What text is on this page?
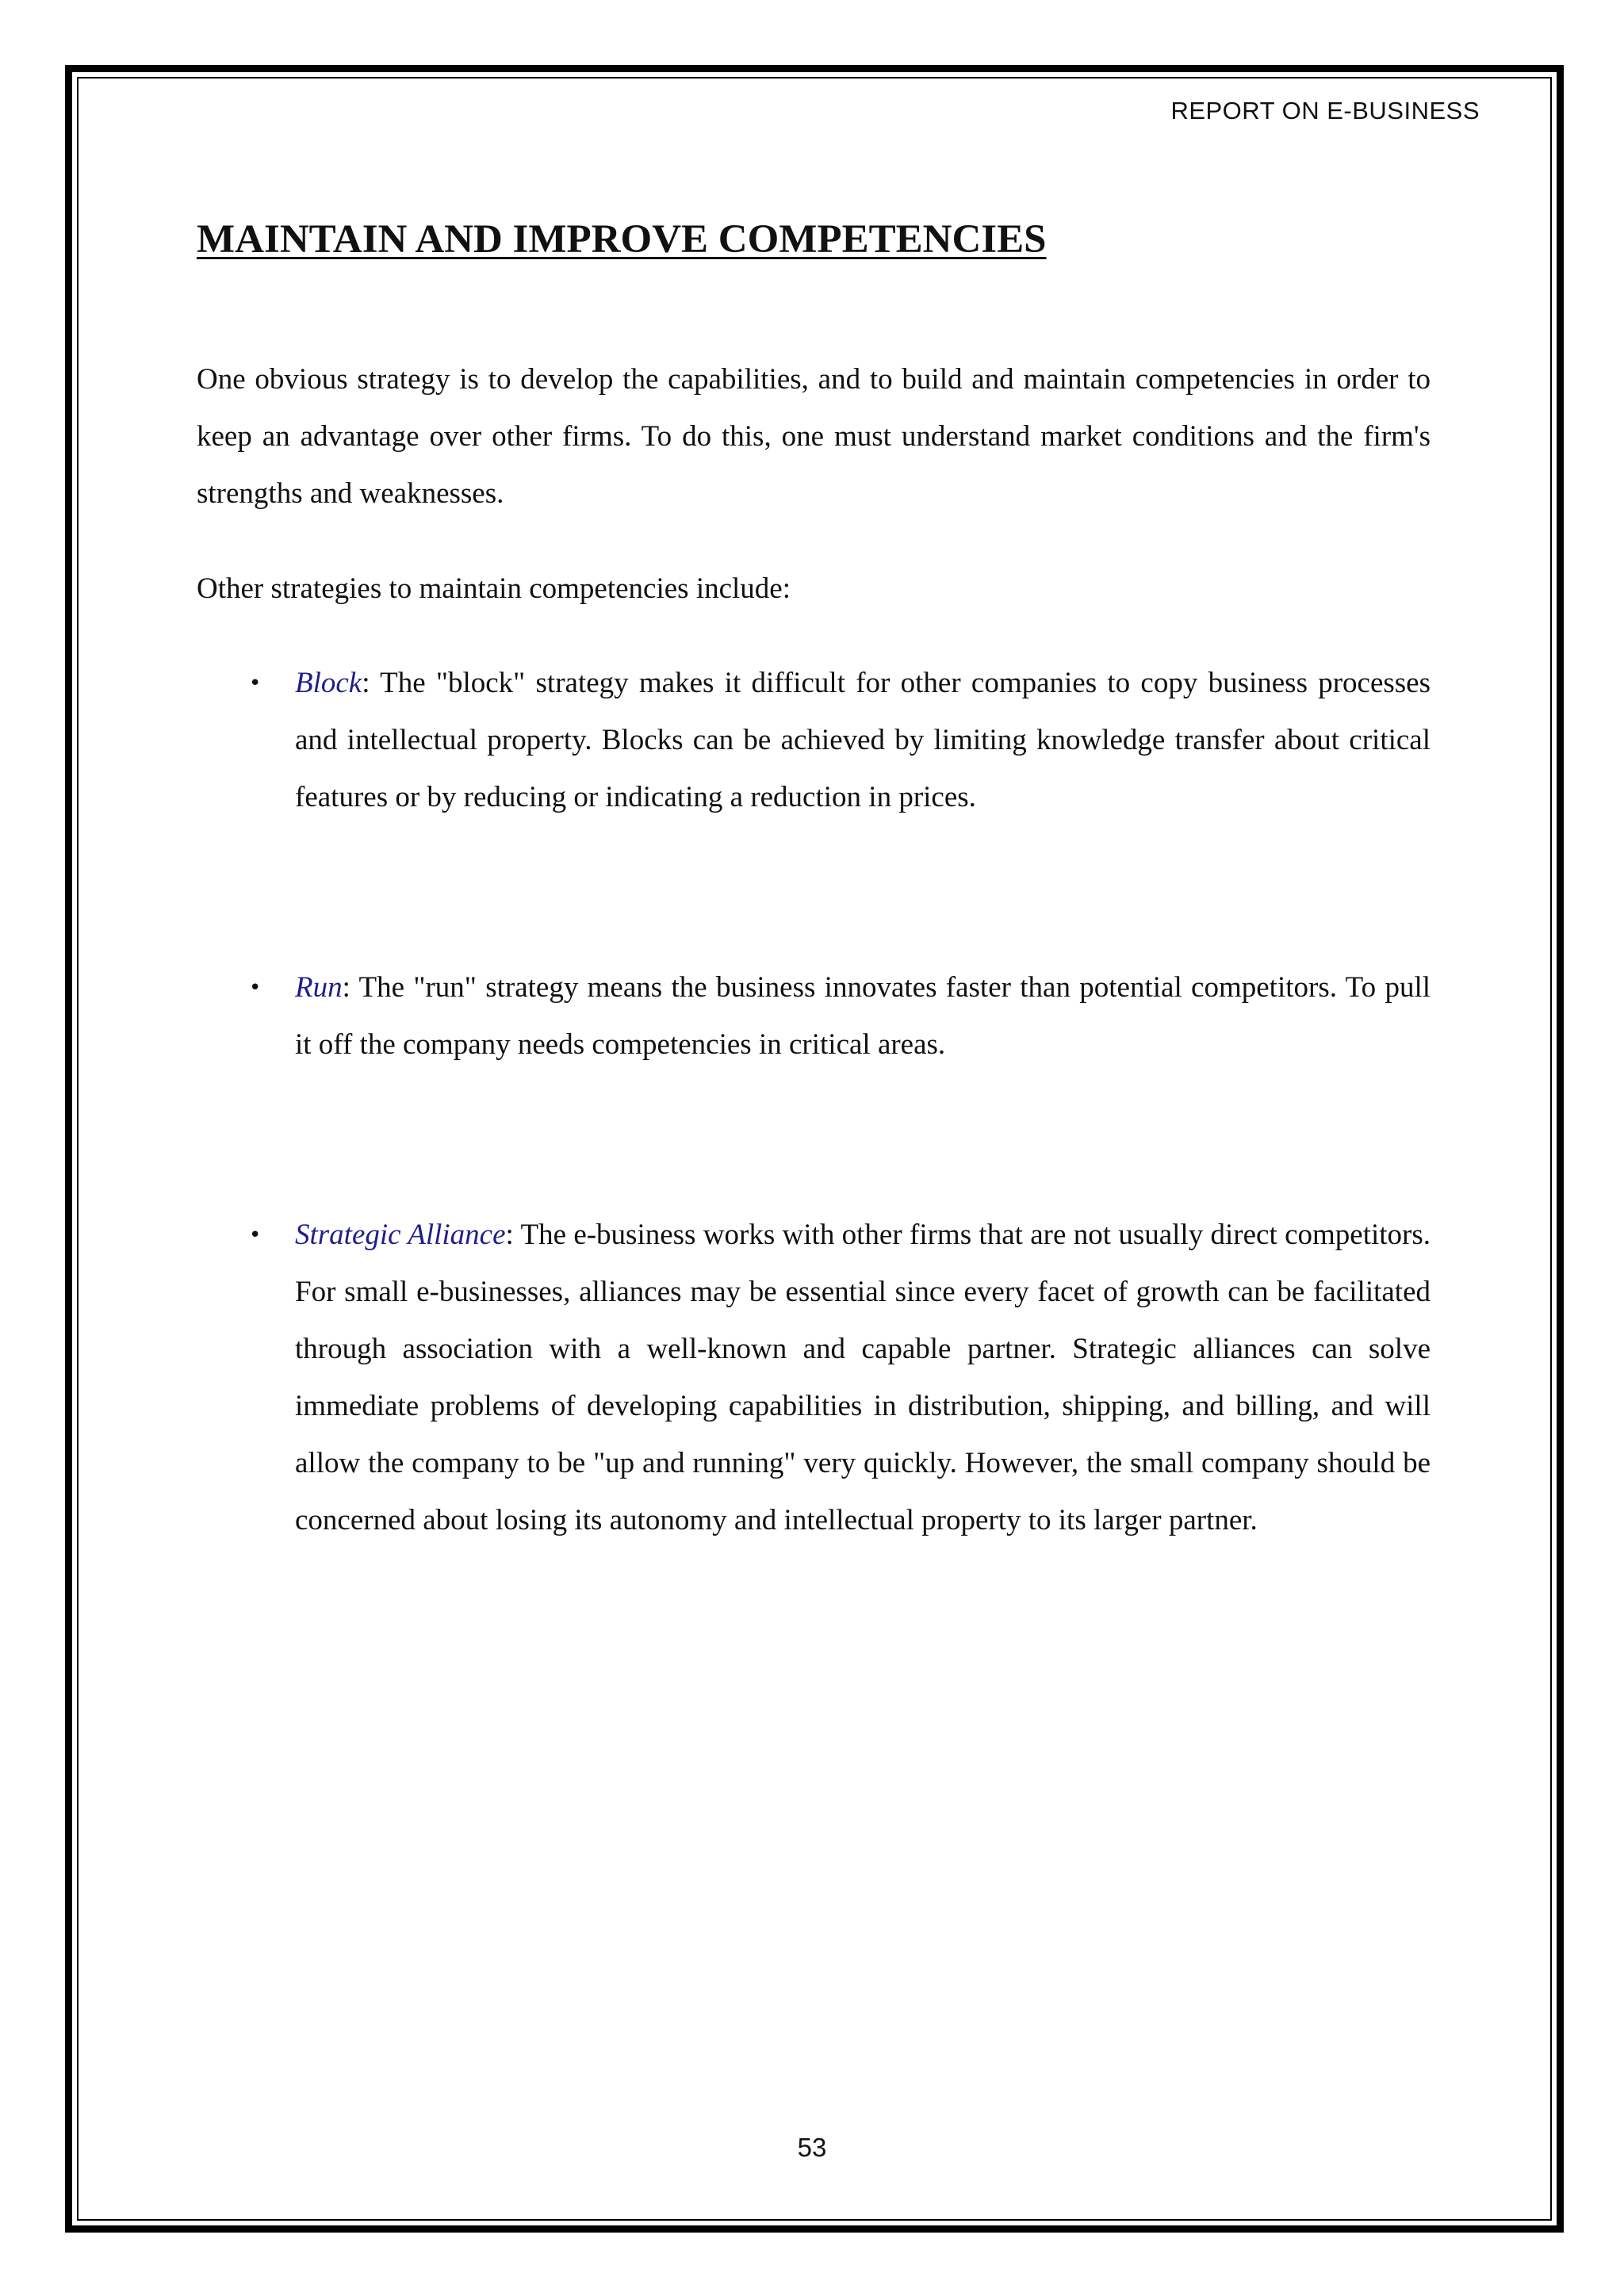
REPORT ON E-BUSINESS
MAINTAIN AND IMPROVE COMPETENCIES

One obvious strategy is to develop the capabilities, and to build and maintain competencies in order to keep an advantage over other firms. To do this, one must understand market conditions and the firm's strengths and weaknesses.

Other strategies to maintain competencies include:

• Block: The "block" strategy makes it difficult for other companies to copy business processes and intellectual property. Blocks can be achieved by limiting knowledge transfer about critical features or by reducing or indicating a reduction in prices.
• Run: The "run" strategy means the business innovates faster than potential competitors. To pull it off the company needs competencies in critical areas.
• Strategic Alliance: The e-business works with other firms that are not usually direct competitors. For small e-businesses, alliances may be essential since every facet of growth can be facilitated through association with a well-known and capable partner. Strategic alliances can solve immediate problems of developing capabilities in distribution, shipping, and billing, and will allow the company to be "up and running" very quickly. However, the small company should be concerned about losing its autonomy and intellectual property to its larger partner.
53
